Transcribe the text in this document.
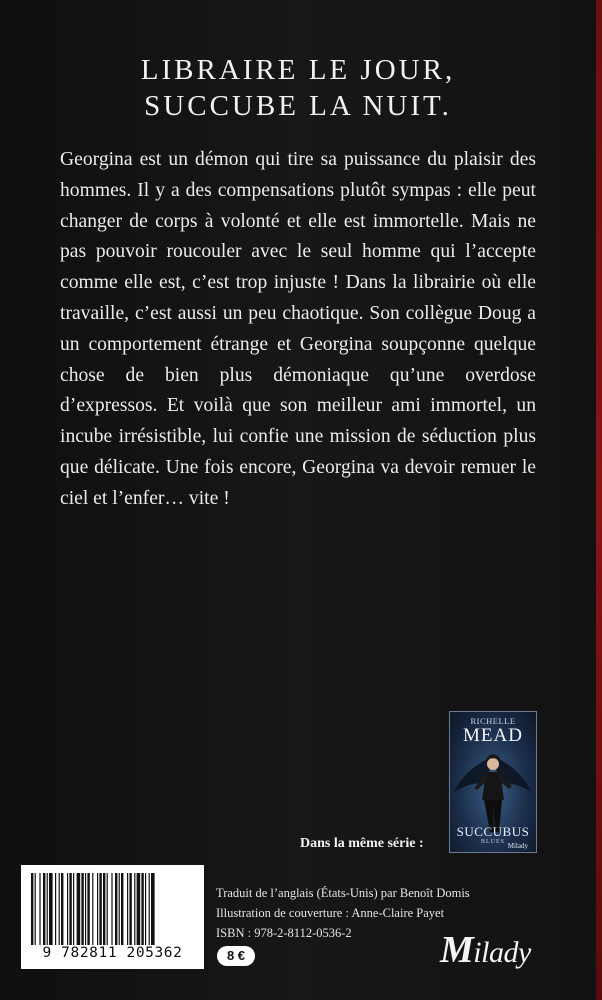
LIBRAIRE LE JOUR,
SUCCUBE LA NUIT.

Georgina est un démon qui tire sa puissance du plaisir des hommes. Il y a des compensations plutôt sympas : elle peut changer de corps à volonté et elle est immortelle. Mais ne pas pouvoir roucouler avec le seul homme qui l’accepte comme elle est, c’est trop injuste ! Dans la librairie où elle travaille, c’est aussi un peu chaotique. Son collègue Doug a un comportement étrange et Georgina soupçonne quelque chose de bien plus démoniaque qu’une overdose d’expressos. Et voilà que son meilleur ami immortel, un incube irrésistible, lui confie une mission de séduction plus que délicate. Une fois encore, Georgina va devoir remuer le ciel et l’enfer… vite !

RICHELLE
MEAD
SUCCUBUS
BLUES Milady
Dans la même série :
9 782811 205362
Traduit de l’anglais (États-Unis) par Benoît Domis
Illustration de couverture : Anne-Claire Payet
ISBN : 978-2-8112-0536-2
8 €	Milady
